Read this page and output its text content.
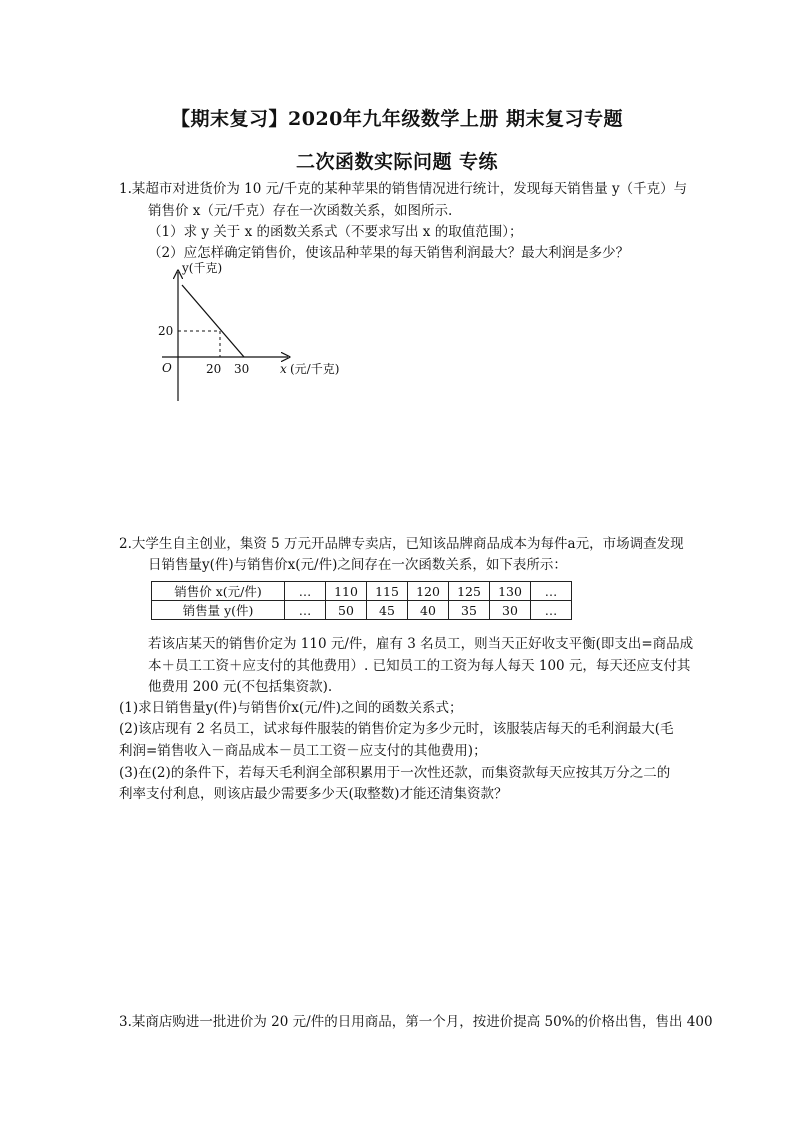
【期末复习】2020年九年级数学上册 期末复习专题
二次函数实际问题 专练
1.某超市对进货价为 10 元/千克的某种苹果的销售情况进行统计，发现每天销售量 y（千克）与
销售价 x（元/千克）存在一次函数关系，如图所示.
（1）求 y 关于 x 的函数关系式（不要求写出 x 的取值范围）；
（2）应怎样确定销售价，使该品种苹果的每天销售利润最大？最大利润是多少？
y(千克)
20
O	20 30	x (元/千克)
2.大学生自主创业，集资 5 万元开品牌专卖店，已知该品牌商品成本为每件a元，市场调查发现
日销售量y(件)与销售价x(元/件)之间存在一次函数关系，如下表所示：
销售价 x(元/件)	…	110	115	120	125	130	…
销售量 y(件)	…	50	45	40	35	30	…
若该店某天的销售价定为 110 元/件，雇有 3 名员工，则当天正好收支平衡(即支出=商品成
本＋员工工资＋应支付的其他费用）. 已知员工的工资为每人每天 100 元，每天还应支付其
他费用 200 元(不包括集资款).
(1)求日销售量y(件)与销售价x(元/件)之间的函数关系式；
(2)该店现有 2 名员工，试求每件服装的销售价定为多少元时，该服装店每天的毛利润最大(毛
利润=销售收入－商品成本－员工工资－应支付的其他费用)；
(3)在(2)的条件下，若每天毛利润全部积累用于一次性还款，而集资款每天应按其万分之二的
利率支付利息，则该店最少需要多少天(取整数)才能还清集资款？
3.某商店购进一批进价为 20 元/件的日用商品，第一个月，按进价提高 50%的价格出售，售出 400
